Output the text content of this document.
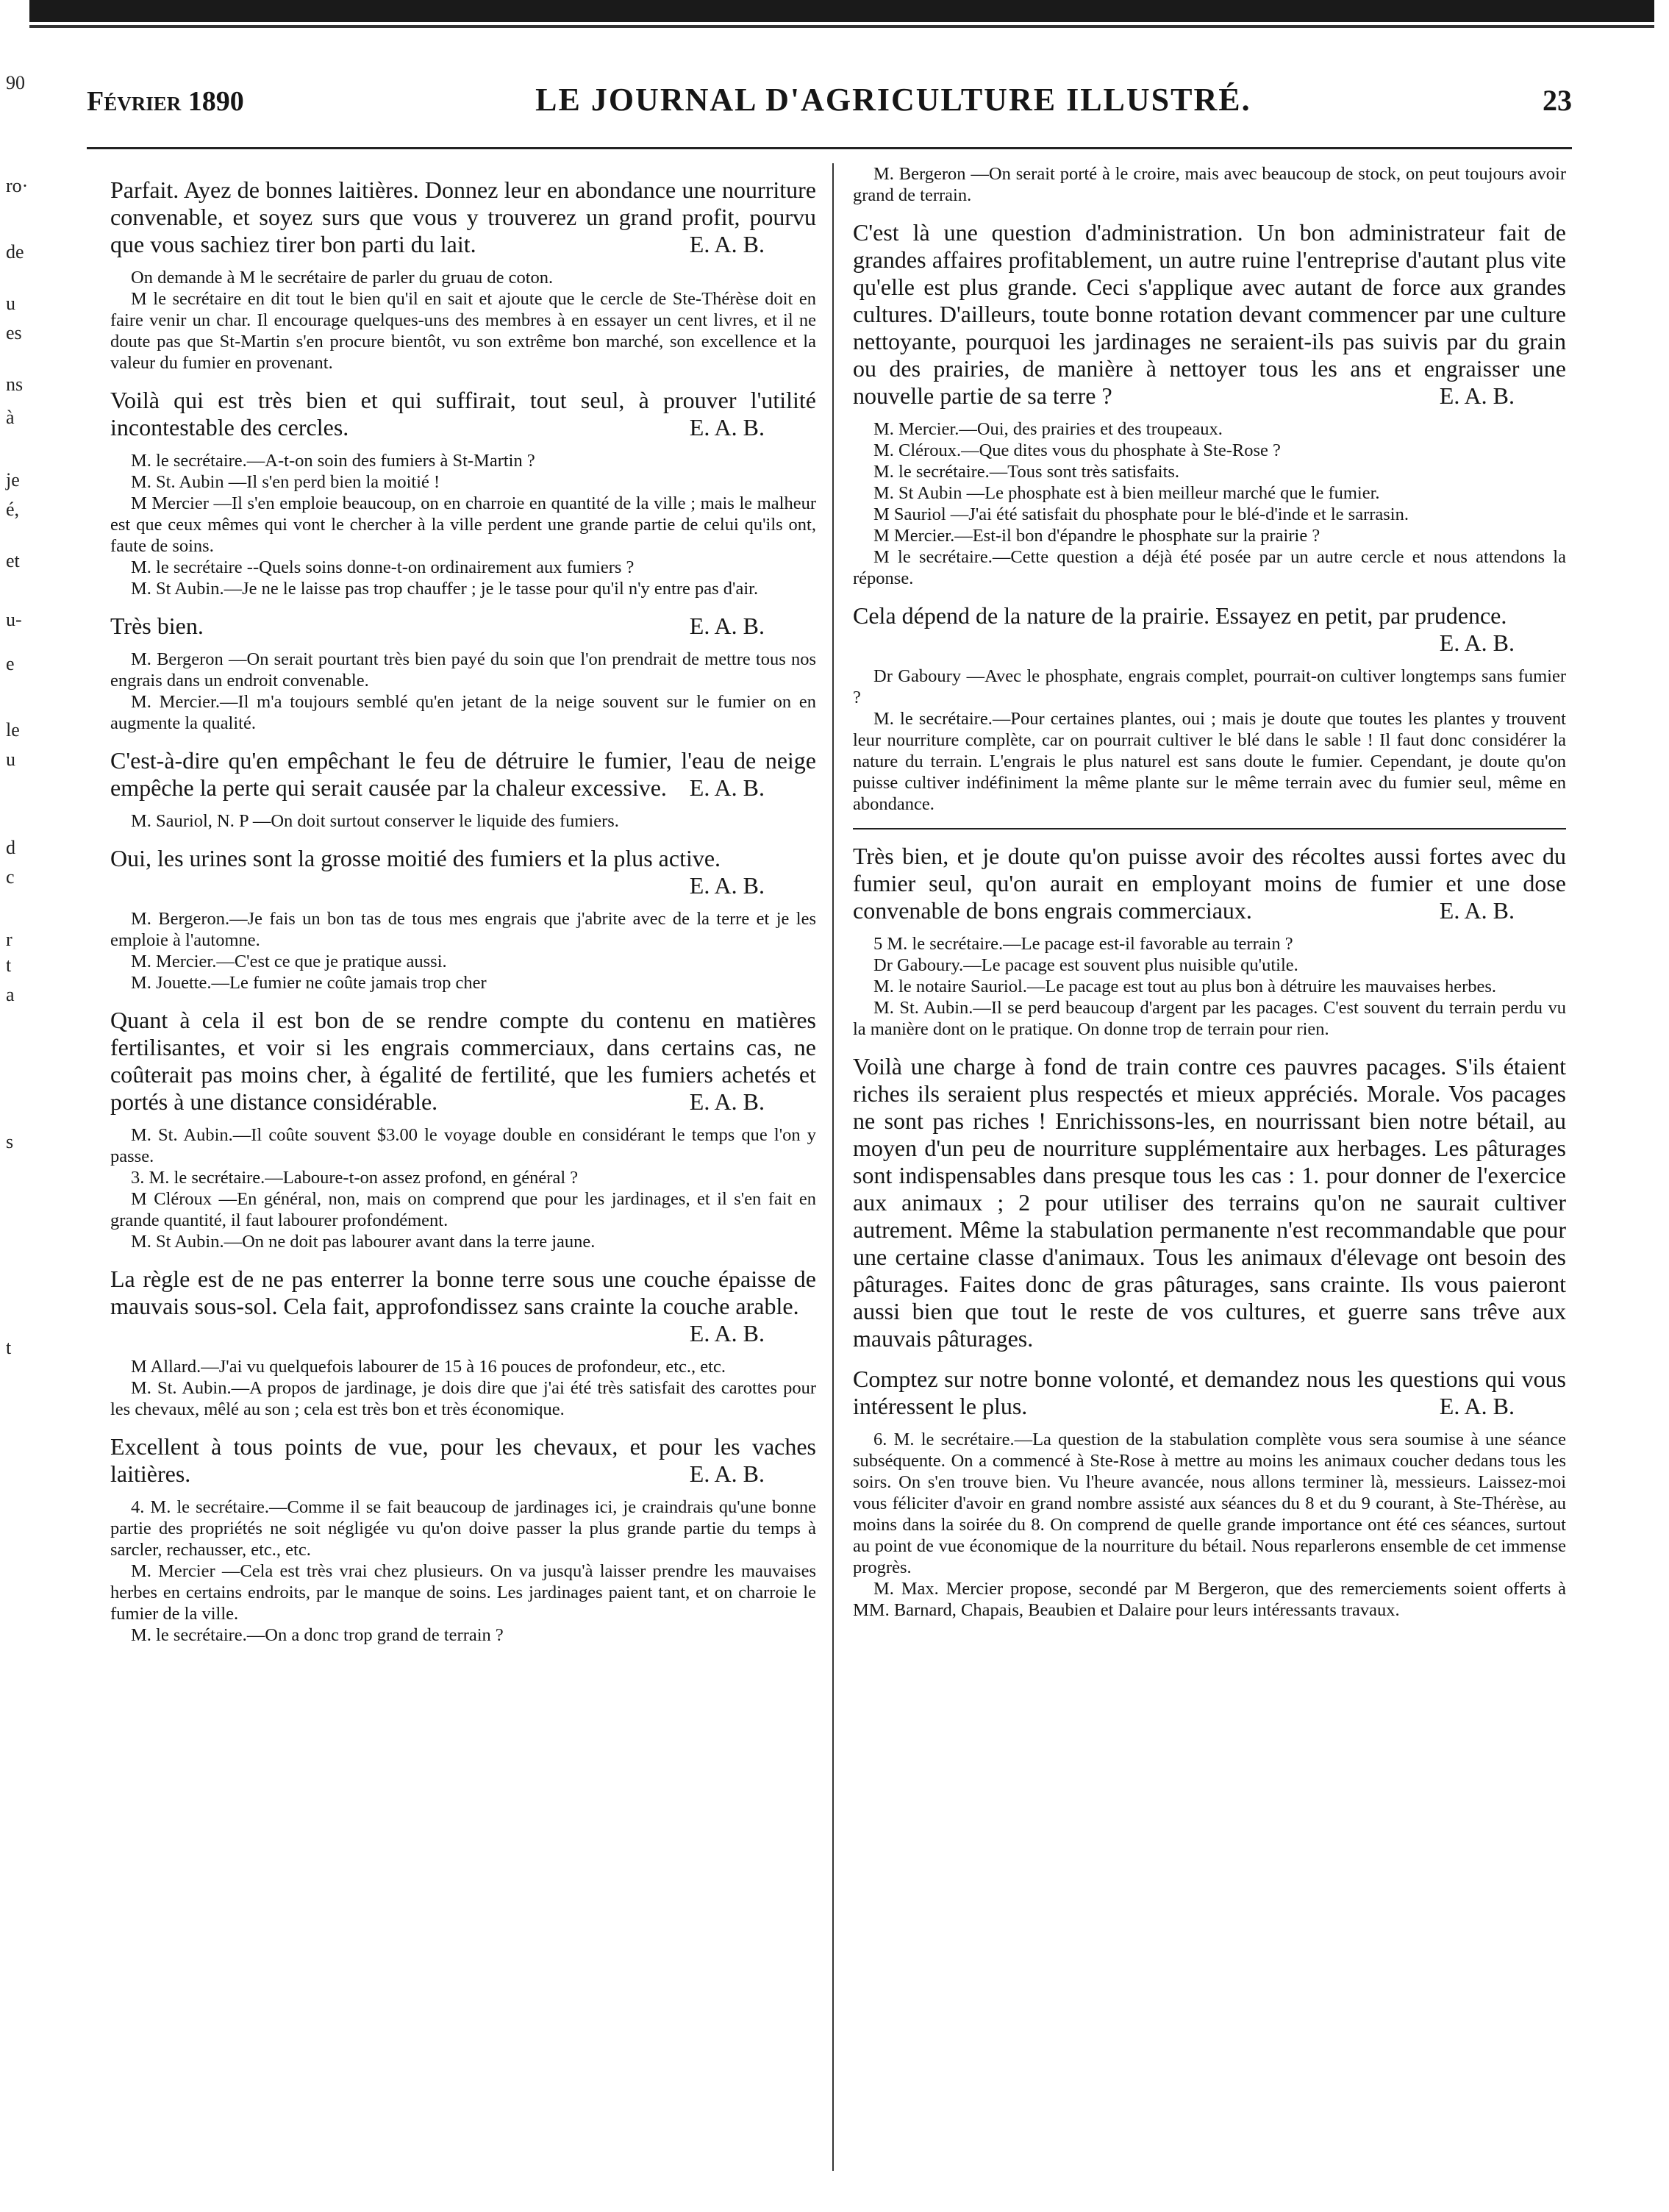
90
ro·
de
u
es
ns
à
je
é,
et
u-
e
le
u
d
c
r
t
a
s
t
Février 1890	LE JOURNAL D'AGRICULTURE ILLUSTRÉ.	23
Parfait. Ayez de bonnes laitières. Donnez leur en abondance une nourriture convenable, et soyez surs que vous y trouverez un grand profit, pourvu que vous sachiez tirer bon parti du lait.	E. A. B.

On demande à M le secrétaire de parler du gruau de coton.

M le secrétaire en dit tout le bien qu'il en sait et ajoute que le cercle de Ste-Thérèse doit en faire venir un char. Il encourage quelques-uns des membres à en essayer un cent livres, et il ne doute pas que St-Martin s'en procure bientôt, vu son extrême bon marché, son excellence et la valeur du fumier en provenant.

Voilà qui est très bien et qui suffirait, tout seul, à prouver l'utilité incontestable des cercles.	E. A. B.

M. le secrétaire.—A-t-on soin des fumiers à St-Martin ?

M. St. Aubin —Il s'en perd bien la moitié !

M Mercier —Il s'en emploie beaucoup, on en charroie en quantité de la ville ; mais le malheur est que ceux mêmes qui vont le chercher à la ville perdent une grande partie de celui qu'ils ont, faute de soins.

M. le secrétaire --Quels soins donne-t-on ordinairement aux fumiers ?

M. St Aubin.—Je ne le laisse pas trop chauffer ; je le tasse pour qu'il n'y entre pas d'air.

Très bien.	E. A. B.

M. Bergeron —On serait pourtant très bien payé du soin que l'on prendrait de mettre tous nos engrais dans un endroit convenable.

M. Mercier.—Il m'a toujours semblé qu'en jetant de la neige souvent sur le fumier on en augmente la qualité.

C'est-à-dire qu'en empêchant le feu de détruire le fumier, l'eau de neige empêche la perte qui serait causée par la chaleur excessive. E. A. B.

M. Sauriol, N. P —On doit surtout conserver le liquide des fumiers.

Oui, les urines sont la grosse moitié des fumiers et la plus active.
E. A. B.

M. Bergeron.—Je fais un bon tas de tous mes engrais que j'abrite avec de la terre et je les emploie à l'automne.

M. Mercier.—C'est ce que je pratique aussi.

M. Jouette.—Le fumier ne coûte jamais trop cher

Quant à cela il est bon de se rendre compte du contenu en matières fertilisantes, et voir si les engrais commerciaux, dans certains cas, ne coûterait pas moins cher, à égalité de fertilité, que les fumiers achetés et portés à une distance considérable.	E. A. B.

M. St. Aubin.—Il coûte souvent $3.00 le voyage double en considérant le temps que l'on y passe.

3. M. le secrétaire.—Laboure-t-on assez profond, en général ?

M Cléroux —En général, non, mais on comprend que pour les jardinages, et il s'en fait en grande quantité, il faut labourer profondément.

M. St Aubin.—On ne doit pas labourer avant dans la terre jaune.

La règle est de ne pas enterrer la bonne terre sous une couche épaisse de mauvais sous-sol. Cela fait, approfondissez sans crainte la couche arable.
E. A. B.

M Allard.—J'ai vu quelquefois labourer de 15 à 16 pouces de profondeur, etc., etc.

M. St. Aubin.—A propos de jardinage, je dois dire que j'ai été très satisfait des carottes pour les chevaux, mêlé au son ; cela est très bon et très économique.

Excellent à tous points de vue, pour les chevaux, et pour les vaches laitières.	E. A. B.

4. M. le secrétaire.—Comme il se fait beaucoup de jardinages ici, je craindrais qu'une bonne partie des propriétés ne soit négligée vu qu'on doive passer la plus grande partie du temps à sarcler, rechausser, etc., etc.

M. Mercier —Cela est très vrai chez plusieurs. On va jusqu'à laisser prendre les mauvaises herbes en certains endroits, par le manque de soins. Les jardinages paient tant, et on charroie le fumier de la ville.

M. le secrétaire.—On a donc trop grand de terrain ?

M. Bergeron —On serait porté à le croire, mais avec beaucoup de stock, on peut toujours avoir grand de terrain.

C'est là une question d'administration. Un bon administrateur fait de grandes affaires profitablement, un autre ruine l'entreprise d'autant plus vite qu'elle est plus grande. Ceci s'applique avec autant de force aux grandes cultures. D'ailleurs, toute bonne rotation devant commencer par une culture nettoyante, pourquoi les jardinages ne seraient-ils pas suivis par du grain ou des prairies, de manière à nettoyer tous les ans et engraisser une nouvelle partie de sa terre ?	E. A. B.

M. Mercier.—Oui, des prairies et des troupeaux.

M. Cléroux.—Que dites vous du phosphate à Ste-Rose ?

M. le secrétaire.—Tous sont très satisfaits.

M. St Aubin —Le phosphate est à bien meilleur marché que le fumier.

M Sauriol —J'ai été satisfait du phosphate pour le blé-d'inde et le sarrasin.

M Mercier.—Est-il bon d'épandre le phosphate sur la prairie ?

M le secrétaire.—Cette question a déjà été posée par un autre cercle et nous attendons la réponse.

Cela dépend de la nature de la prairie. Essayez en petit, par prudence.
E. A. B.

Dr Gaboury —Avec le phosphate, engrais complet, pourrait-on cultiver longtemps sans fumier ?

M. le secrétaire.—Pour certaines plantes, oui ; mais je doute que toutes les plantes y trouvent leur nourriture complète, car on pourrait cultiver le blé dans le sable ! Il faut donc considérer la nature du terrain. L'engrais le plus naturel est sans doute le fumier. Cependant, je doute qu'on puisse cultiver indéfiniment la même plante sur le même terrain avec du fumier seul, même en abondance.

Très bien, et je doute qu'on puisse avoir des récoltes aussi fortes avec du fumier seul, qu'on aurait en employant moins de fumier et une dose convenable de bons engrais commerciaux.	E. A. B.

5 M. le secrétaire.—Le pacage est-il favorable au terrain ?

Dr Gaboury.—Le pacage est souvent plus nuisible qu'utile.

M. le notaire Sauriol.—Le pacage est tout au plus bon à détruire les mauvaises herbes.

M. St. Aubin.—Il se perd beaucoup d'argent par les pacages. C'est souvent du terrain perdu vu la manière dont on le pratique. On donne trop de terrain pour rien.

Voilà une charge à fond de train contre ces pauvres pacages. S'ils étaient riches ils seraient plus respectés et mieux appréciés. Morale. Vos pacages ne sont pas riches ! Enrichissons-les, en nourrissant bien notre bétail, au moyen d'un peu de nourriture supplémentaire aux herbages. Les pâturages sont indispensables dans presque tous les cas : 1. pour donner de l'exercice aux animaux ; 2 pour utiliser des terrains qu'on ne saurait cultiver autrement. Même la stabulation permanente n'est recommandable que pour une certaine classe d'animaux. Tous les animaux d'élevage ont besoin des pâturages. Faites donc de gras pâturages, sans crainte. Ils vous paieront aussi bien que tout le reste de vos cultures, et guerre sans trêve aux mauvais pâturages.
Comptez sur notre bonne volonté, et demandez nous les questions qui vous intéressent le plus.	E. A. B.

6. M. le secrétaire.—La question de la stabulation complète vous sera soumise à une séance subséquente. On a commencé à Ste-Rose à mettre au moins les animaux coucher dedans tous les soirs. On s'en trouve bien. Vu l'heure avancée, nous allons terminer là, messieurs. Laissez-moi vous féliciter d'avoir en grand nombre assisté aux séances du 8 et du 9 courant, à Ste-Thérèse, au moins dans la soirée du 8. On comprend de quelle grande importance ont été ces séances, surtout au point de vue économique de la nourriture du bétail. Nous reparlerons ensemble de cet immense progrès.

M. Max. Mercier propose, secondé par M Bergeron, que des remerciements soient offerts à MM. Barnard, Chapais, Beaubien et Dalaire pour leurs intéressants travaux.
